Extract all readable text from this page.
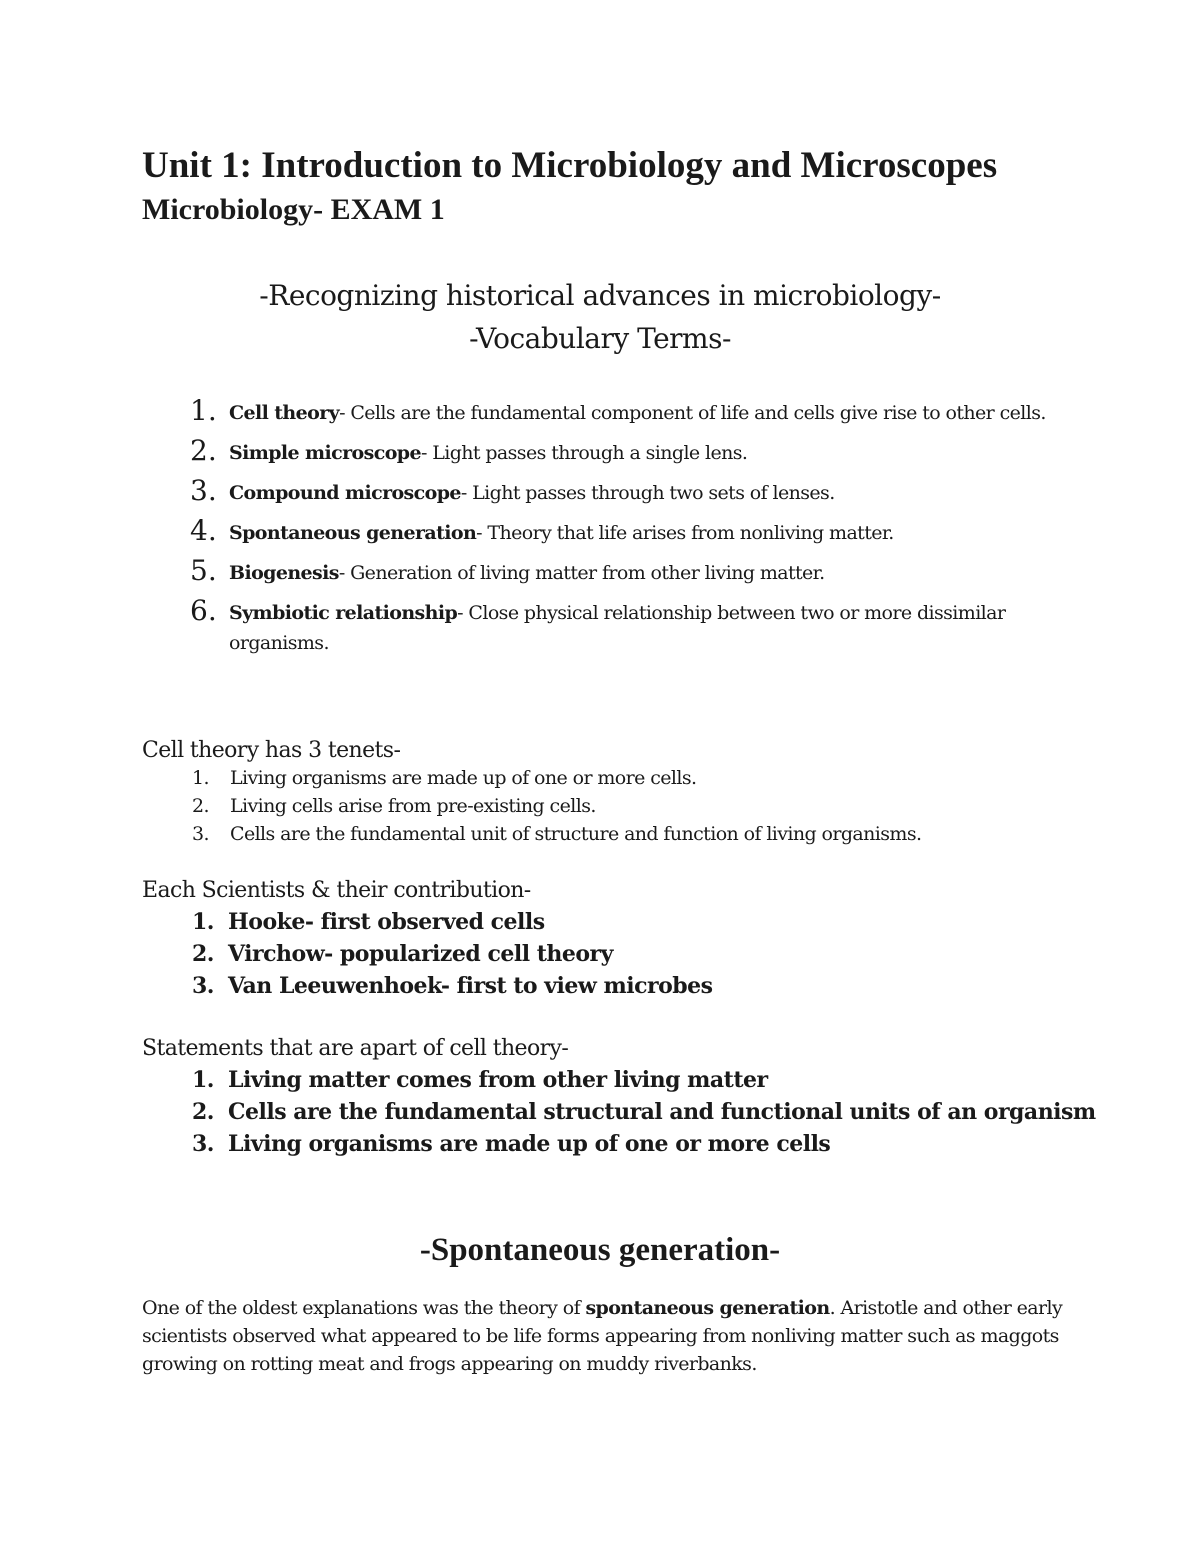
Unit 1: Introduction to Microbiology and Microscopes
Microbiology- EXAM 1
-Recognizing historical advances in microbiology-
-Vocabulary Terms-
1. Cell theory- Cells are the fundamental component of life and cells give rise to other cells.
2. Simple microscope- Light passes through a single lens.
3. Compound microscope- Light passes through two sets of lenses.
4. Spontaneous generation- Theory that life arises from nonliving matter.
5. Biogenesis- Generation of living matter from other living matter.
6. Symbiotic relationship- Close physical relationship between two or more dissimilar organisms.
Cell theory has 3 tenets-
1. Living organisms are made up of one or more cells.
2. Living cells arise from pre-existing cells.
3. Cells are the fundamental unit of structure and function of living organisms.
Each Scientists & their contribution-
1. Hooke- first observed cells
2. Virchow- popularized cell theory
3. Van Leeuwenhoek- first to view microbes
Statements that are apart of cell theory-
1. Living matter comes from other living matter
2. Cells are the fundamental structural and functional units of an organism
3. Living organisms are made up of one or more cells
-Spontaneous generation-

One of the oldest explanations was the theory of spontaneous generation. Aristotle and other early scientists observed what appeared to be life forms appearing from nonliving matter such as maggots growing on rotting meat and frogs appearing on muddy riverbanks.
